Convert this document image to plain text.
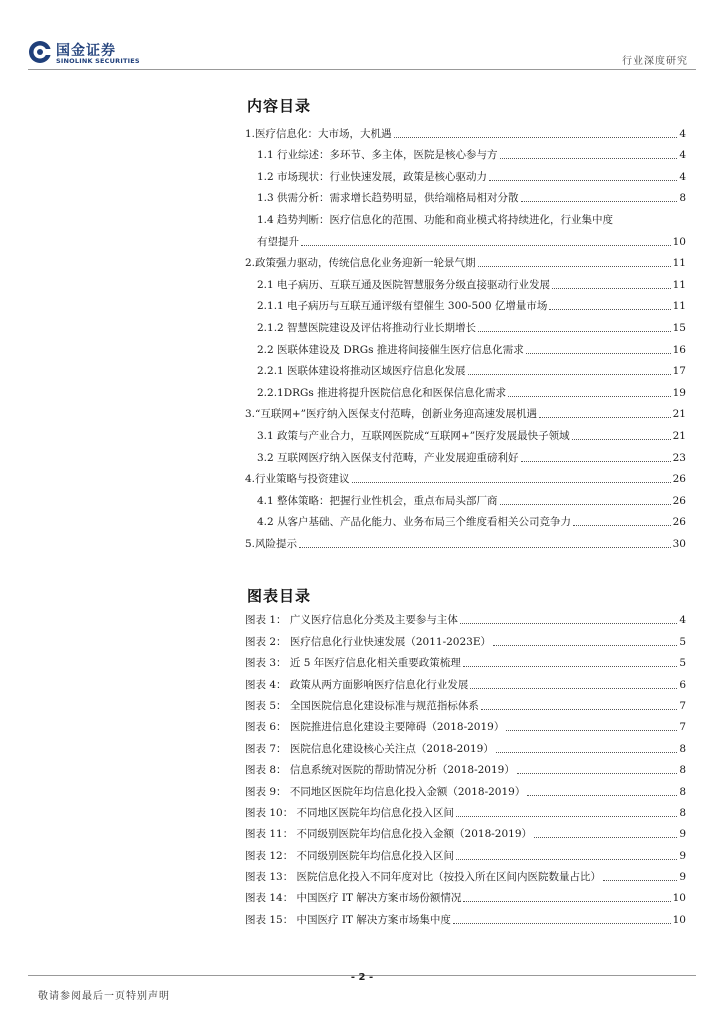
国金证券
SINOLINK SECURITIES	行业深度研究
内容目录
1.医疗信息化：大市场，大机遇	4
1.1 行业综述：多环节、多主体，医院是核心参与方	4
1.2 市场现状：行业快速发展，政策是核心驱动力	4
1.3 供需分析：需求增长趋势明显，供给端格局相对分散	8
1.4 趋势判断：医疗信息化的范围、功能和商业模式将持续进化，行业集中度
有望提升	10
2.政策强力驱动，传统信息化业务迎新一轮景气期	11
2.1 电子病历、互联互通及医院智慧服务分级直接驱动行业发展	11
2.1.1 电子病历与互联互通评级有望催生 300-500 亿增量市场	11
2.1.2 智慧医院建设及评估将推动行业长期增长	15
2.2 医联体建设及 DRGs 推进将间接催生医疗信息化需求	16
2.2.1 医联体建设将推动区域医疗信息化发展	17
2.2.1DRGs 推进将提升医院信息化和医保信息化需求	19
3.“互联网+”医疗纳入医保支付范畴，创新业务迎高速发展机遇	21
3.1 政策与产业合力，互联网医院成“互联网+”医疗发展最快子领域	21
3.2 互联网医疗纳入医保支付范畴，产业发展迎重磅利好	23
4.行业策略与投资建议	26
4.1 整体策略：把握行业性机会，重点布局头部厂商	26
4.2 从客户基础、产品化能力、业务布局三个维度看相关公司竞争力	26
5.风险提示	30
图表目录
图表 1： 广义医疗信息化分类及主要参与主体	4
图表 2： 医疗信息化行业快速发展（2011-2023E）	5
图表 3： 近 5 年医疗信息化相关重要政策梳理	5
图表 4： 政策从两方面影响医疗信息化行业发展	6
图表 5： 全国医院信息化建设标准与规范指标体系	7
图表 6： 医院推进信息化建设主要障碍（2018-2019）	7
图表 7： 医院信息化建设核心关注点（2018-2019）	8
图表 8： 信息系统对医院的帮助情况分析（2018-2019）	8
图表 9： 不同地区医院年均信息化投入金额（2018-2019）	8
图表 10： 不同地区医院年均信息化投入区间	8
图表 11： 不同级别医院年均信息化投入金额（2018-2019）	9
图表 12： 不同级别医院年均信息化投入区间	9
图表 13： 医院信息化投入不同年度对比（按投入所在区间内医院数量占比）	9
图表 14： 中国医疗 IT 解决方案市场份额情况	10
图表 15： 中国医疗 IT 解决方案市场集中度	10
- 2 -
敬请参阅最后一页特别声明
